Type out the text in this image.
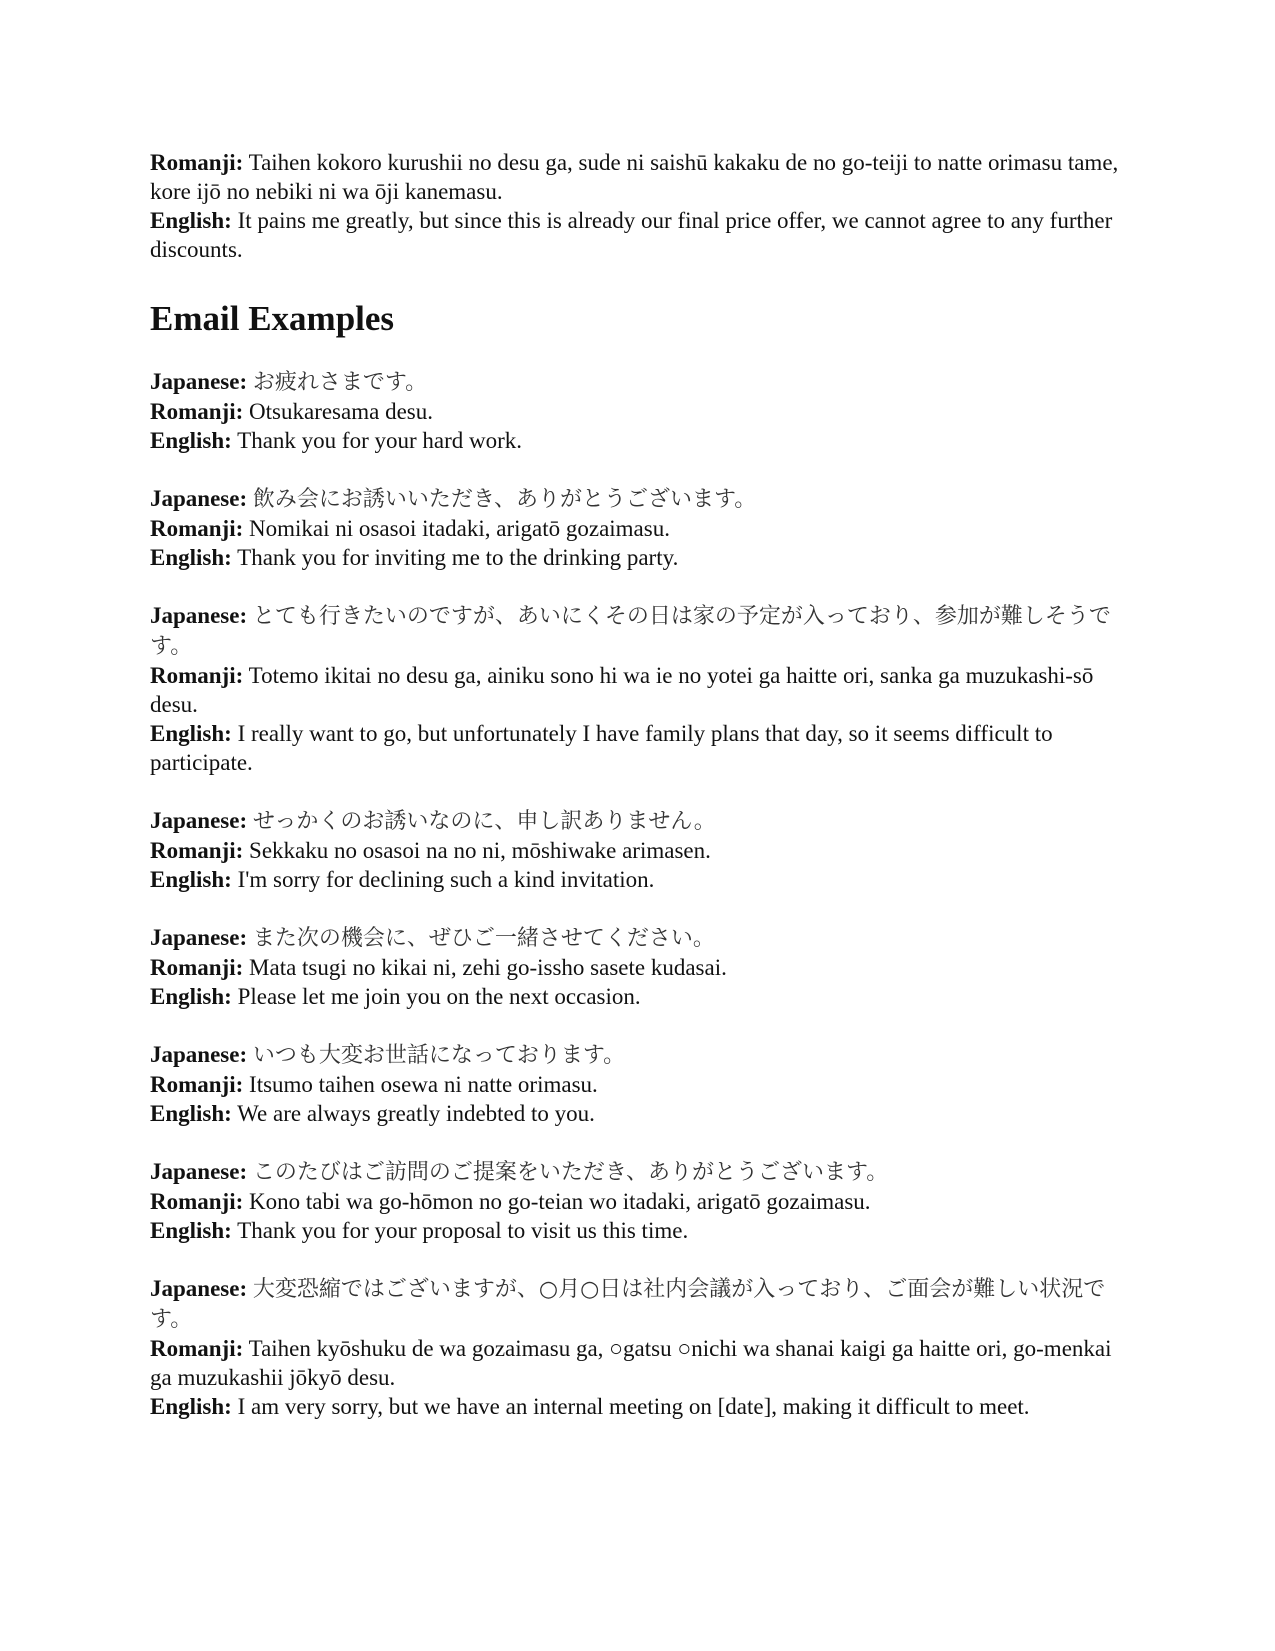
Romanji: Taihen kokoro kurushii no desu ga, sude ni saishū kakaku de no go-teiji to natte orimasu tame, kore ijō no nebiki ni wa ōji kanemasu.

English: It pains me greatly, but since this is already our final price offer, we cannot agree to any further discounts.

Email Examples

Japanese: お疲れさまです。

Romanji: Otsukaresama desu.

English: Thank you for your hard work.

Japanese: 飲み会にお誘いいただき、ありがとうございます。

Romanji: Nomikai ni osasoi itadaki, arigatō gozaimasu.

English: Thank you for inviting me to the drinking party.

Japanese: とても行きたいのですが、あいにくその日は家の予定が入っており、参加が難しそうです。

Romanji: Totemo ikitai no desu ga, ainiku sono hi wa ie no yotei ga haitte ori, sanka ga muzukashi-sō desu.

English: I really want to go, but unfortunately I have family plans that day, so it seems difficult to participate.

Japanese: せっかくのお誘いなのに、申し訳ありません。

Romanji: Sekkaku no osasoi na no ni, mōshiwake arimasen.

English: I'm sorry for declining such a kind invitation.

Japanese: また次の機会に、ぜひご一緒させてください。

Romanji: Mata tsugi no kikai ni, zehi go-issho sasete kudasai.

English: Please let me join you on the next occasion.

Japanese: いつも大変お世話になっております。

Romanji: Itsumo taihen osewa ni natte orimasu.

English: We are always greatly indebted to you.

Japanese: このたびはご訪問のご提案をいただき、ありがとうございます。

Romanji: Kono tabi wa go-hōmon no go-teian wo itadaki, arigatō gozaimasu.

English: Thank you for your proposal to visit us this time.

Japanese: 大変恐縮ではございますが、○月○日は社内会議が入っており、ご面会が難しい状況です。

Romanji: Taihen kyōshuku de wa gozaimasu ga, ○gatsu ○nichi wa shanai kaigi ga haitte ori, go-menkai ga muzukashii jōkyō desu.

English: I am very sorry, but we have an internal meeting on [date], making it difficult to meet.
